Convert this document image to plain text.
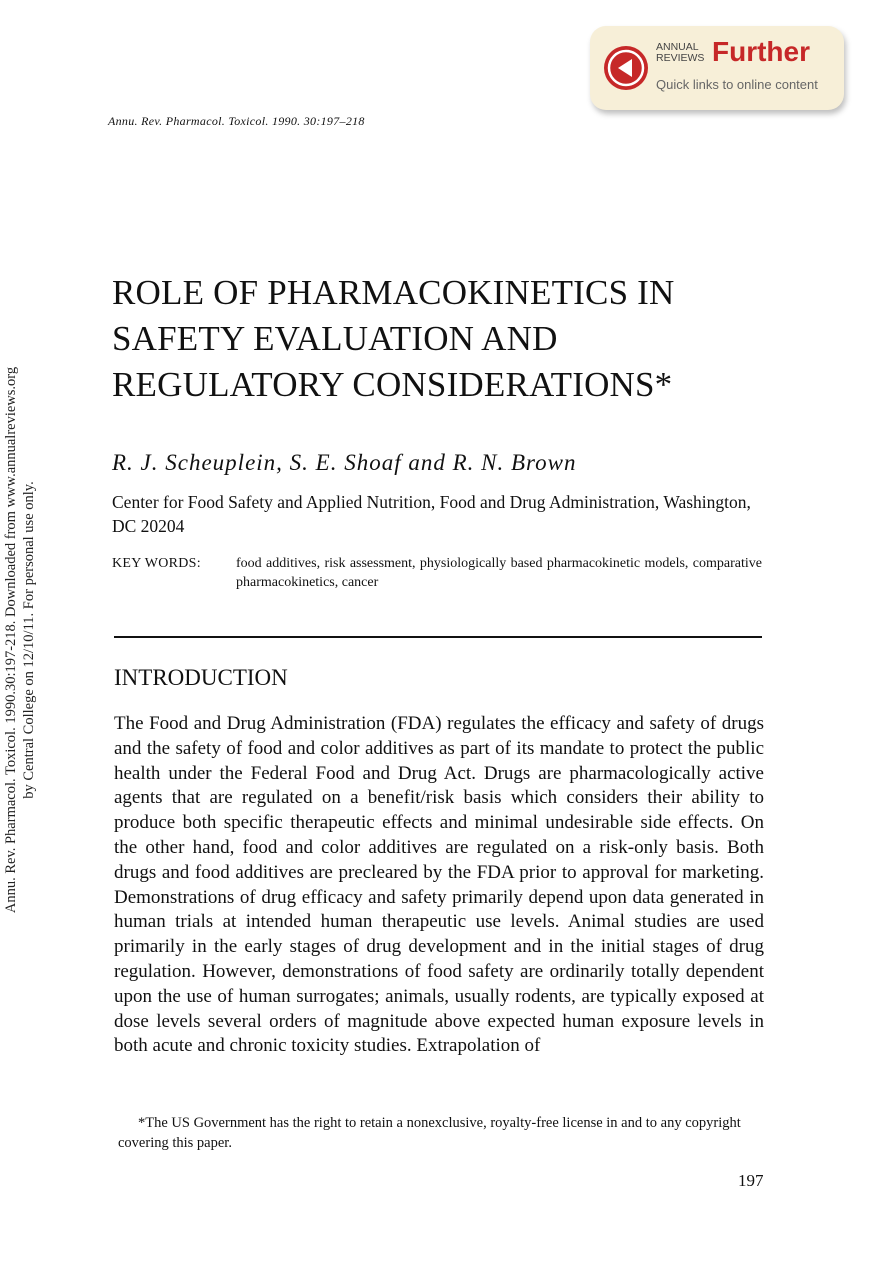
Annu. Rev. Pharmacol. Toxicol. 1990. 30:197–218
ANNUAL REVIEWS Further
Quick links to online content
Annu. Rev. Pharmacol. Toxicol. 1990.30:197-218. Downloaded from www.annualreviews.org by Central College on 12/10/11. For personal use only.
ROLE OF PHARMACOKINETICS IN SAFETY EVALUATION AND REGULATORY CONSIDERATIONS*
R. J. Scheuplein, S. E. Shoaf and R. N. Brown
Center for Food Safety and Applied Nutrition, Food and Drug Administration, Washington, DC 20204
KEY WORDS:	food additives, risk assessment, physiologically based pharmacokinetic models, comparative pharmacokinetics, cancer
INTRODUCTION

The Food and Drug Administration (FDA) regulates the efficacy and safety of drugs and the safety of food and color additives as part of its mandate to protect the public health under the Federal Food and Drug Act. Drugs are pharmacologically active agents that are regulated on a benefit/risk basis which considers their ability to produce both specific therapeutic effects and minimal undesirable side effects. On the other hand, food and color additives are regulated on a risk-only basis. Both drugs and food additives are precleared by the FDA prior to approval for marketing. Demonstrations of drug efficacy and safety primarily depend upon data generated in human trials at intended human therapeutic use levels. Animal studies are used primarily in the early stages of drug development and in the initial stages of drug regulation. However, demonstrations of food safety are ordinarily totally dependent upon the use of human surrogates; animals, usually rodents, are typically exposed at dose levels several orders of magnitude above expected human exposure levels in both acute and chronic toxicity studies. Extrapolation of

*The US Government has the right to retain a nonexclusive, royalty-free license in and to any copyright covering this paper.

197
